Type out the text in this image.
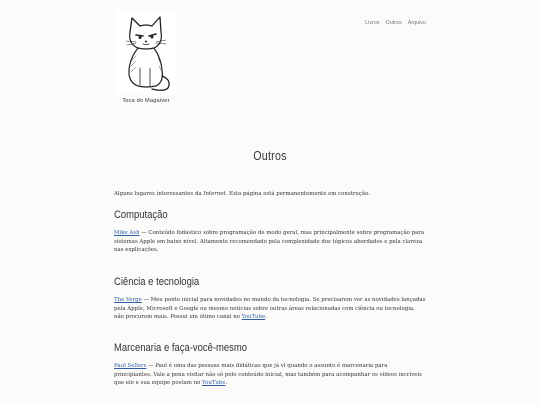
Toca do Magaiver
Livros Outros Arquivo
Outros

Alguns lugares interessantes da Internet. Esta página está permanentemente em construção.

Computação

Mike Ash — Conteúdo fodástico sobre programação de modo geral, mas principalmente sobre programação para sistemas Apple em baixo nível. Altamente recomendado pela complexidade dos tópicos abordados e pela clareza nas explicações.

Ciência e tecnologia

The Verge — Meu ponto inicial para novidades no mundo da tecnologia. Se precisarem ver as novidades lançadas pela Apple, Microsoft e Google ou mesmo notícias sobre outras áreas relacionadas com ciência ou tecnologia, não procurem mais. Possui um ótimo canal no YouTube.

Marcenaria e faça-você-mesmo

Paul Sellers — Paul é uma das pessoas mais didáticas que já vi quando o assunto é marcenaria para principiantes. Vale a pena visitar não só pelo conteúdo inicial, mas também para acompanhar os vídeos incríveis que ele e sua equipe postam no YouTube.
